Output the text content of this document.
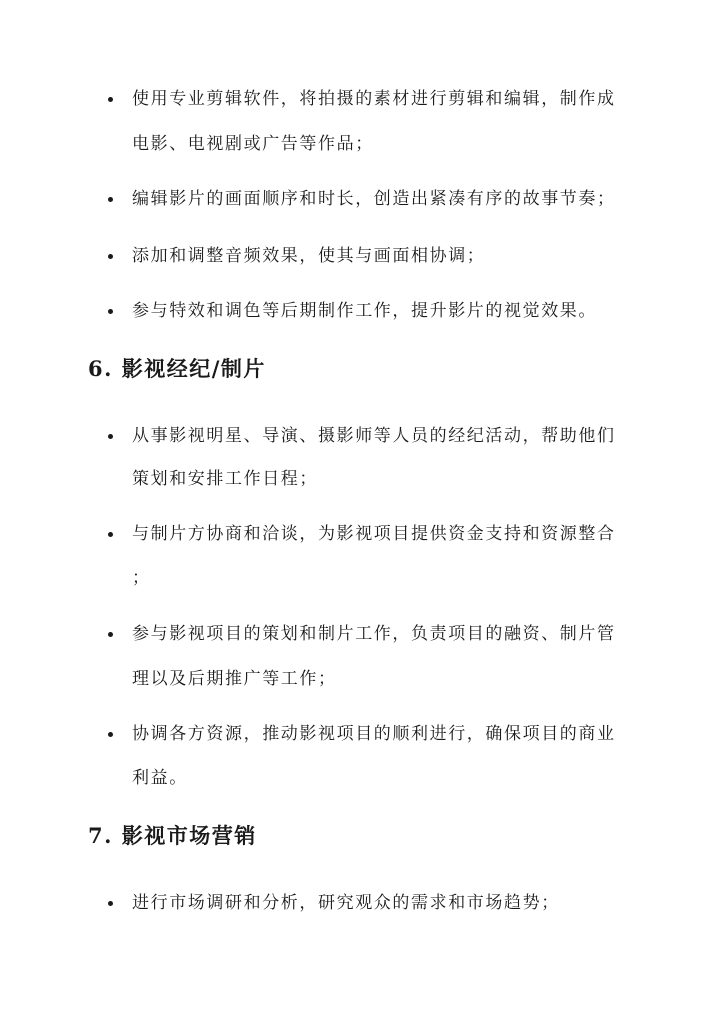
使用专业剪辑软件，将拍摄的素材进行剪辑和编辑，制作成
电影、电视剧或广告等作品；
编辑影片的画面顺序和时长，创造出紧凑有序的故事节奏；
添加和调整音频效果，使其与画面相协调；
参与特效和调色等后期制作工作，提升影片的视觉效果。
6. 影视经纪/制片
从事影视明星、导演、摄影师等人员的经纪活动，帮助他们
策划和安排工作日程；
与制片方协商和洽谈，为影视项目提供资金支持和资源整合
；
参与影视项目的策划和制片工作，负责项目的融资、制片管
理以及后期推广等工作；
协调各方资源，推动影视项目的顺利进行，确保项目的商业
利益。
7. 影视市场营销
进行市场调研和分析，研究观众的需求和市场趋势；
